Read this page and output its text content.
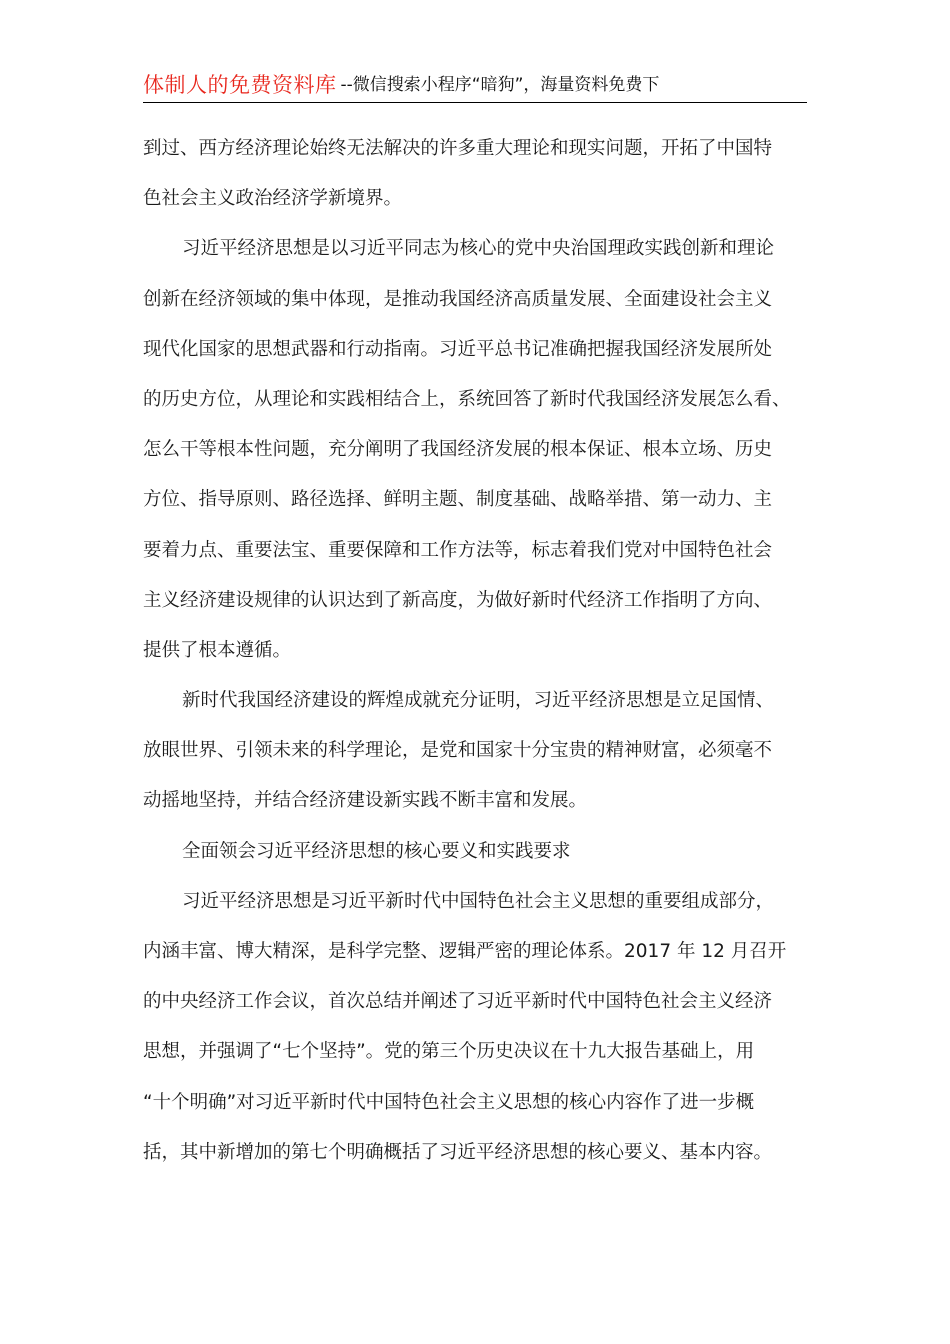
体制人的免费资料库 --微信搜索小程序“暗狗”，海量资料免费下
到过、西方经济理论始终无法解决的许多重大理论和现实问题，开拓了中国特
色社会主义政治经济学新境界。
习近平经济思想是以习近平同志为核心的党中央治国理政实践创新和理论
创新在经济领域的集中体现，是推动我国经济高质量发展、全面建设社会主义
现代化国家的思想武器和行动指南。习近平总书记准确把握我国经济发展所处
的历史方位，从理论和实践相结合上，系统回答了新时代我国经济发展怎么看、
怎么干等根本性问题，充分阐明了我国经济发展的根本保证、根本立场、历史
方位、指导原则、路径选择、鲜明主题、制度基础、战略举措、第一动力、主
要着力点、重要法宝、重要保障和工作方法等，标志着我们党对中国特色社会
主义经济建设规律的认识达到了新高度，为做好新时代经济工作指明了方向、
提供了根本遵循。
新时代我国经济建设的辉煌成就充分证明，习近平经济思想是立足国情、
放眼世界、引领未来的科学理论，是党和国家十分宝贵的精神财富，必须毫不
动摇地坚持，并结合经济建设新实践不断丰富和发展。
全面领会习近平经济思想的核心要义和实践要求
习近平经济思想是习近平新时代中国特色社会主义思想的重要组成部分，
内涵丰富、博大精深，是科学完整、逻辑严密的理论体系。2017 年 12 月召开
的中央经济工作会议，首次总结并阐述了习近平新时代中国特色社会主义经济
思想，并强调了“七个坚持”。党的第三个历史决议在十九大报告基础上，用
“十个明确”对习近平新时代中国特色社会主义思想的核心内容作了进一步概
括，其中新增加的第七个明确概括了习近平经济思想的核心要义、基本内容。
